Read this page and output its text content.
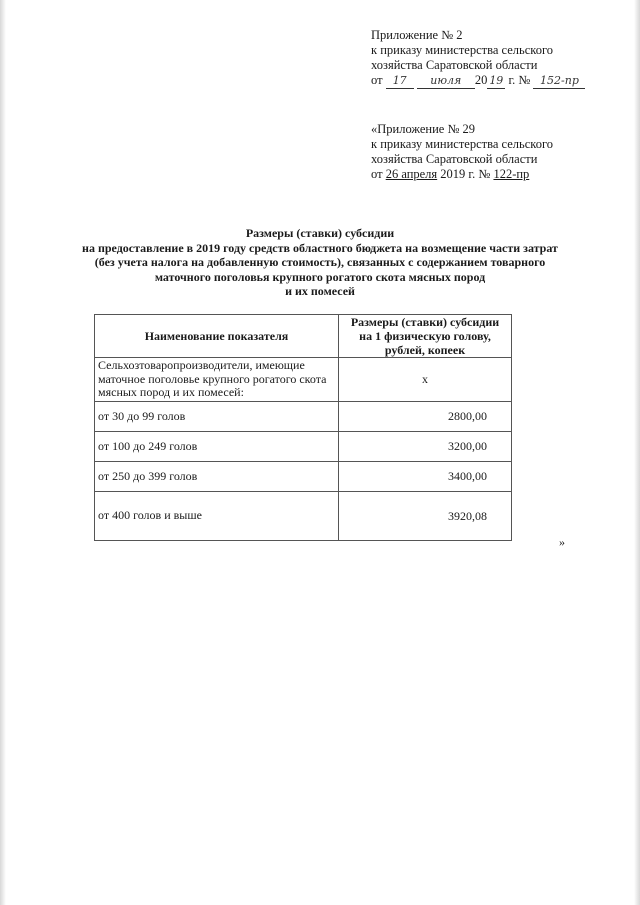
Приложение № 2
к приказу министерства сельского
хозяйства Саратовской области
от 17 июля 20 19 г. № 152-пр
«Приложение № 29
к приказу министерства сельского
хозяйства Саратовской области
от 26 апреля 2019 г. № 122-пр
Размеры (ставки) субсидии
на предоставление в 2019 году средств областного бюджета на возмещение части затрат
(без учета налога на добавленную стоимость), связанных с содержанием товарного
маточного поголовья крупного рогатого скота мясных пород
и их помесей
Наименование показателя	Размеры (ставки) субсидии
на 1 физическую голову, рублей, копеек

Сельхозтоваропроизводители, имеющие маточное поголовье крупного рогатого скота мясных пород и их помесей:	х
от 30 до 99 голов	2800,00
от 100 до 249 голов	3200,00
от 250 до 399 голов	3400,00
от 400 голов и выше	3920,08
»
